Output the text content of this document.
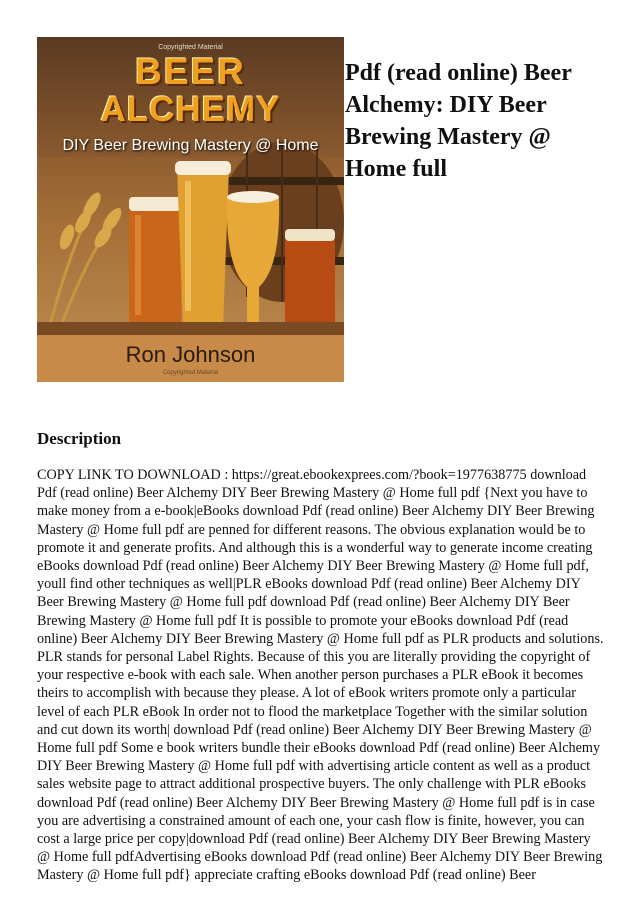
Copyrighted Material
BEER
ALCHEMY
DIY Beer Brewing Mastery @ Home
Ron Johnson
Copyrighted Material
Pdf (read online) Beer Alchemy: DIY Beer Brewing Mastery @ Home full
Description

COPY LINK TO DOWNLOAD : https://great.ebookexprees.com/?book=1977638775 download Pdf (read online) Beer Alchemy DIY Beer Brewing Mastery @ Home full pdf {Next you have to make money from a e-book|eBooks download Pdf (read online) Beer Alchemy DIY Beer Brewing Mastery @ Home full pdf are penned for different reasons. The obvious explanation would be to promote it and generate profits. And although this is a wonderful way to generate income creating eBooks download Pdf (read online) Beer Alchemy DIY Beer Brewing Mastery @ Home full pdf, youll find other techniques as well|PLR eBooks download Pdf (read online) Beer Alchemy DIY Beer Brewing Mastery @ Home full pdf download Pdf (read online) Beer Alchemy DIY Beer Brewing Mastery @ Home full pdf It is possible to promote your eBooks download Pdf (read online) Beer Alchemy DIY Beer Brewing Mastery @ Home full pdf as PLR products and solutions. PLR stands for personal Label Rights. Because of this you are literally providing the copyright of your respective e-book with each sale. When another person purchases a PLR eBook it becomes theirs to accomplish with because they please. A lot of eBook writers promote only a particular level of each PLR eBook In order not to flood the marketplace Together with the similar solution and cut down its worth| download Pdf (read online) Beer Alchemy DIY Beer Brewing Mastery @ Home full pdf Some e book writers bundle their eBooks download Pdf (read online) Beer Alchemy DIY Beer Brewing Mastery @ Home full pdf with advertising article content as well as a product sales website page to attract additional prospective buyers. The only challenge with PLR eBooks download Pdf (read online) Beer Alchemy DIY Beer Brewing Mastery @ Home full pdf is in case you are advertising a constrained amount of each one, your cash flow is finite, however, you can cost a large price per copy|download Pdf (read online) Beer Alchemy DIY Beer Brewing Mastery @ Home full pdfAdvertising eBooks download Pdf (read online) Beer Alchemy DIY Beer Brewing Mastery @ Home full pdf} appreciate crafting eBooks download Pdf (read online) Beer
